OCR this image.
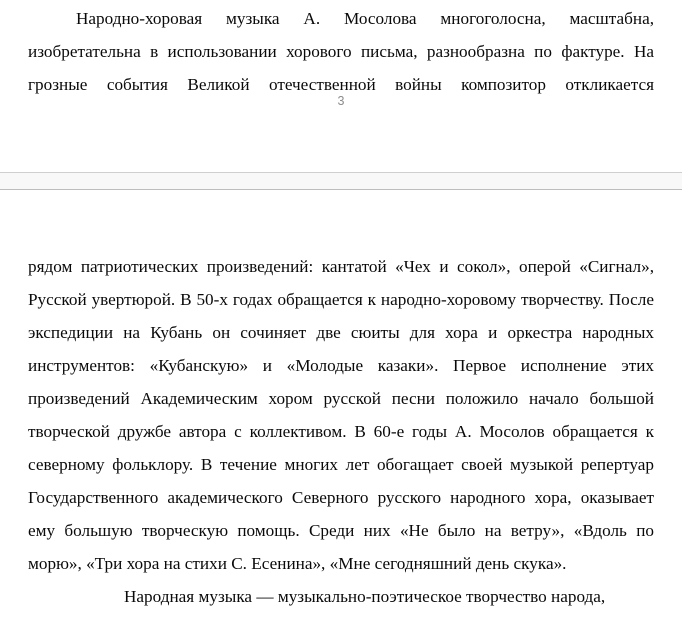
Народно-хоровая музыка А. Мосолова многоголосна, масштабна, изобретательна в использовании хорового письма, разнообразна по фактуре. На грозные события Великой отечественной войны композитор откликается

3

рядом патриотических произведений: кантатой «Чех и сокол», оперой «Сигнал», Русской увертюрой. В 50-х годах обращается к народно-хоровому творчеству. После экспедиции на Кубань он сочиняет две сюиты для хора и оркестра народных инструментов: «Кубанскую» и «Молодые казаки». Первое исполнение этих произведений Академическим хором русской песни положило начало большой творческой дружбе автора с коллективом. В 60-е годы А. Мосолов обращается к северному фольклору. В течение многих лет обогащает своей музыкой репертуар Государственного академического Северного русского народного хора, оказывает ему большую творческую помощь. Среди них «Не было на ветру», «Вдоль по морю», «Три хора на стихи С. Есенина», «Мне сегодняшний день скука».

Народная музыка — музыкально-поэтическое творчество народа,
